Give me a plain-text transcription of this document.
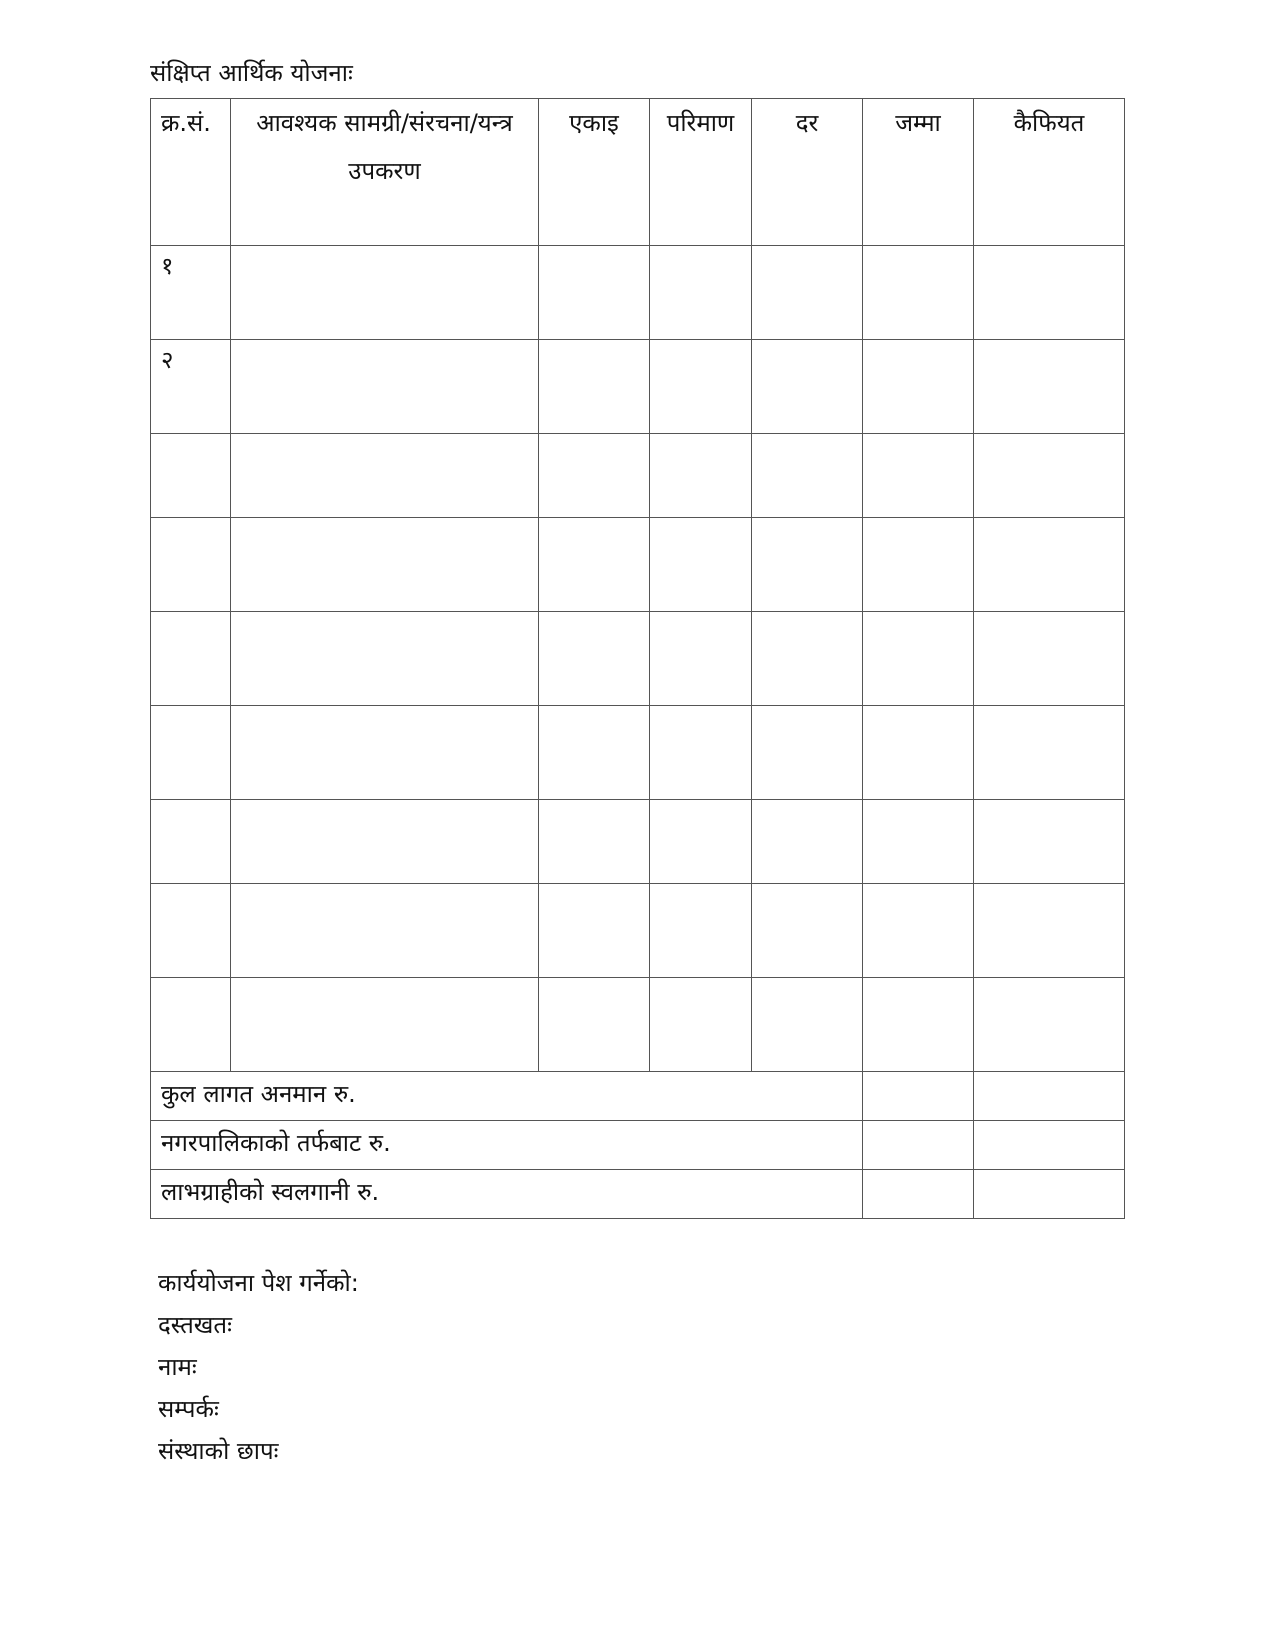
संक्षिप्त आर्थिक योजनाः
क्र.सं.	आवश्यक सामग्री/संरचना/यन्त्र उपकरण	एकाइ	परिमाण	दर	जम्मा	कैफियत
१						
२						

कुल लागत अनमान रु.						
नगरपालिकाको तर्फबाट रु.						
लाभग्राहीको स्वलगानी रु.						
कार्ययोजना पेश गर्नेको:
दस्तखतः
नामः
सम्पर्कः
संस्थाको छापः
